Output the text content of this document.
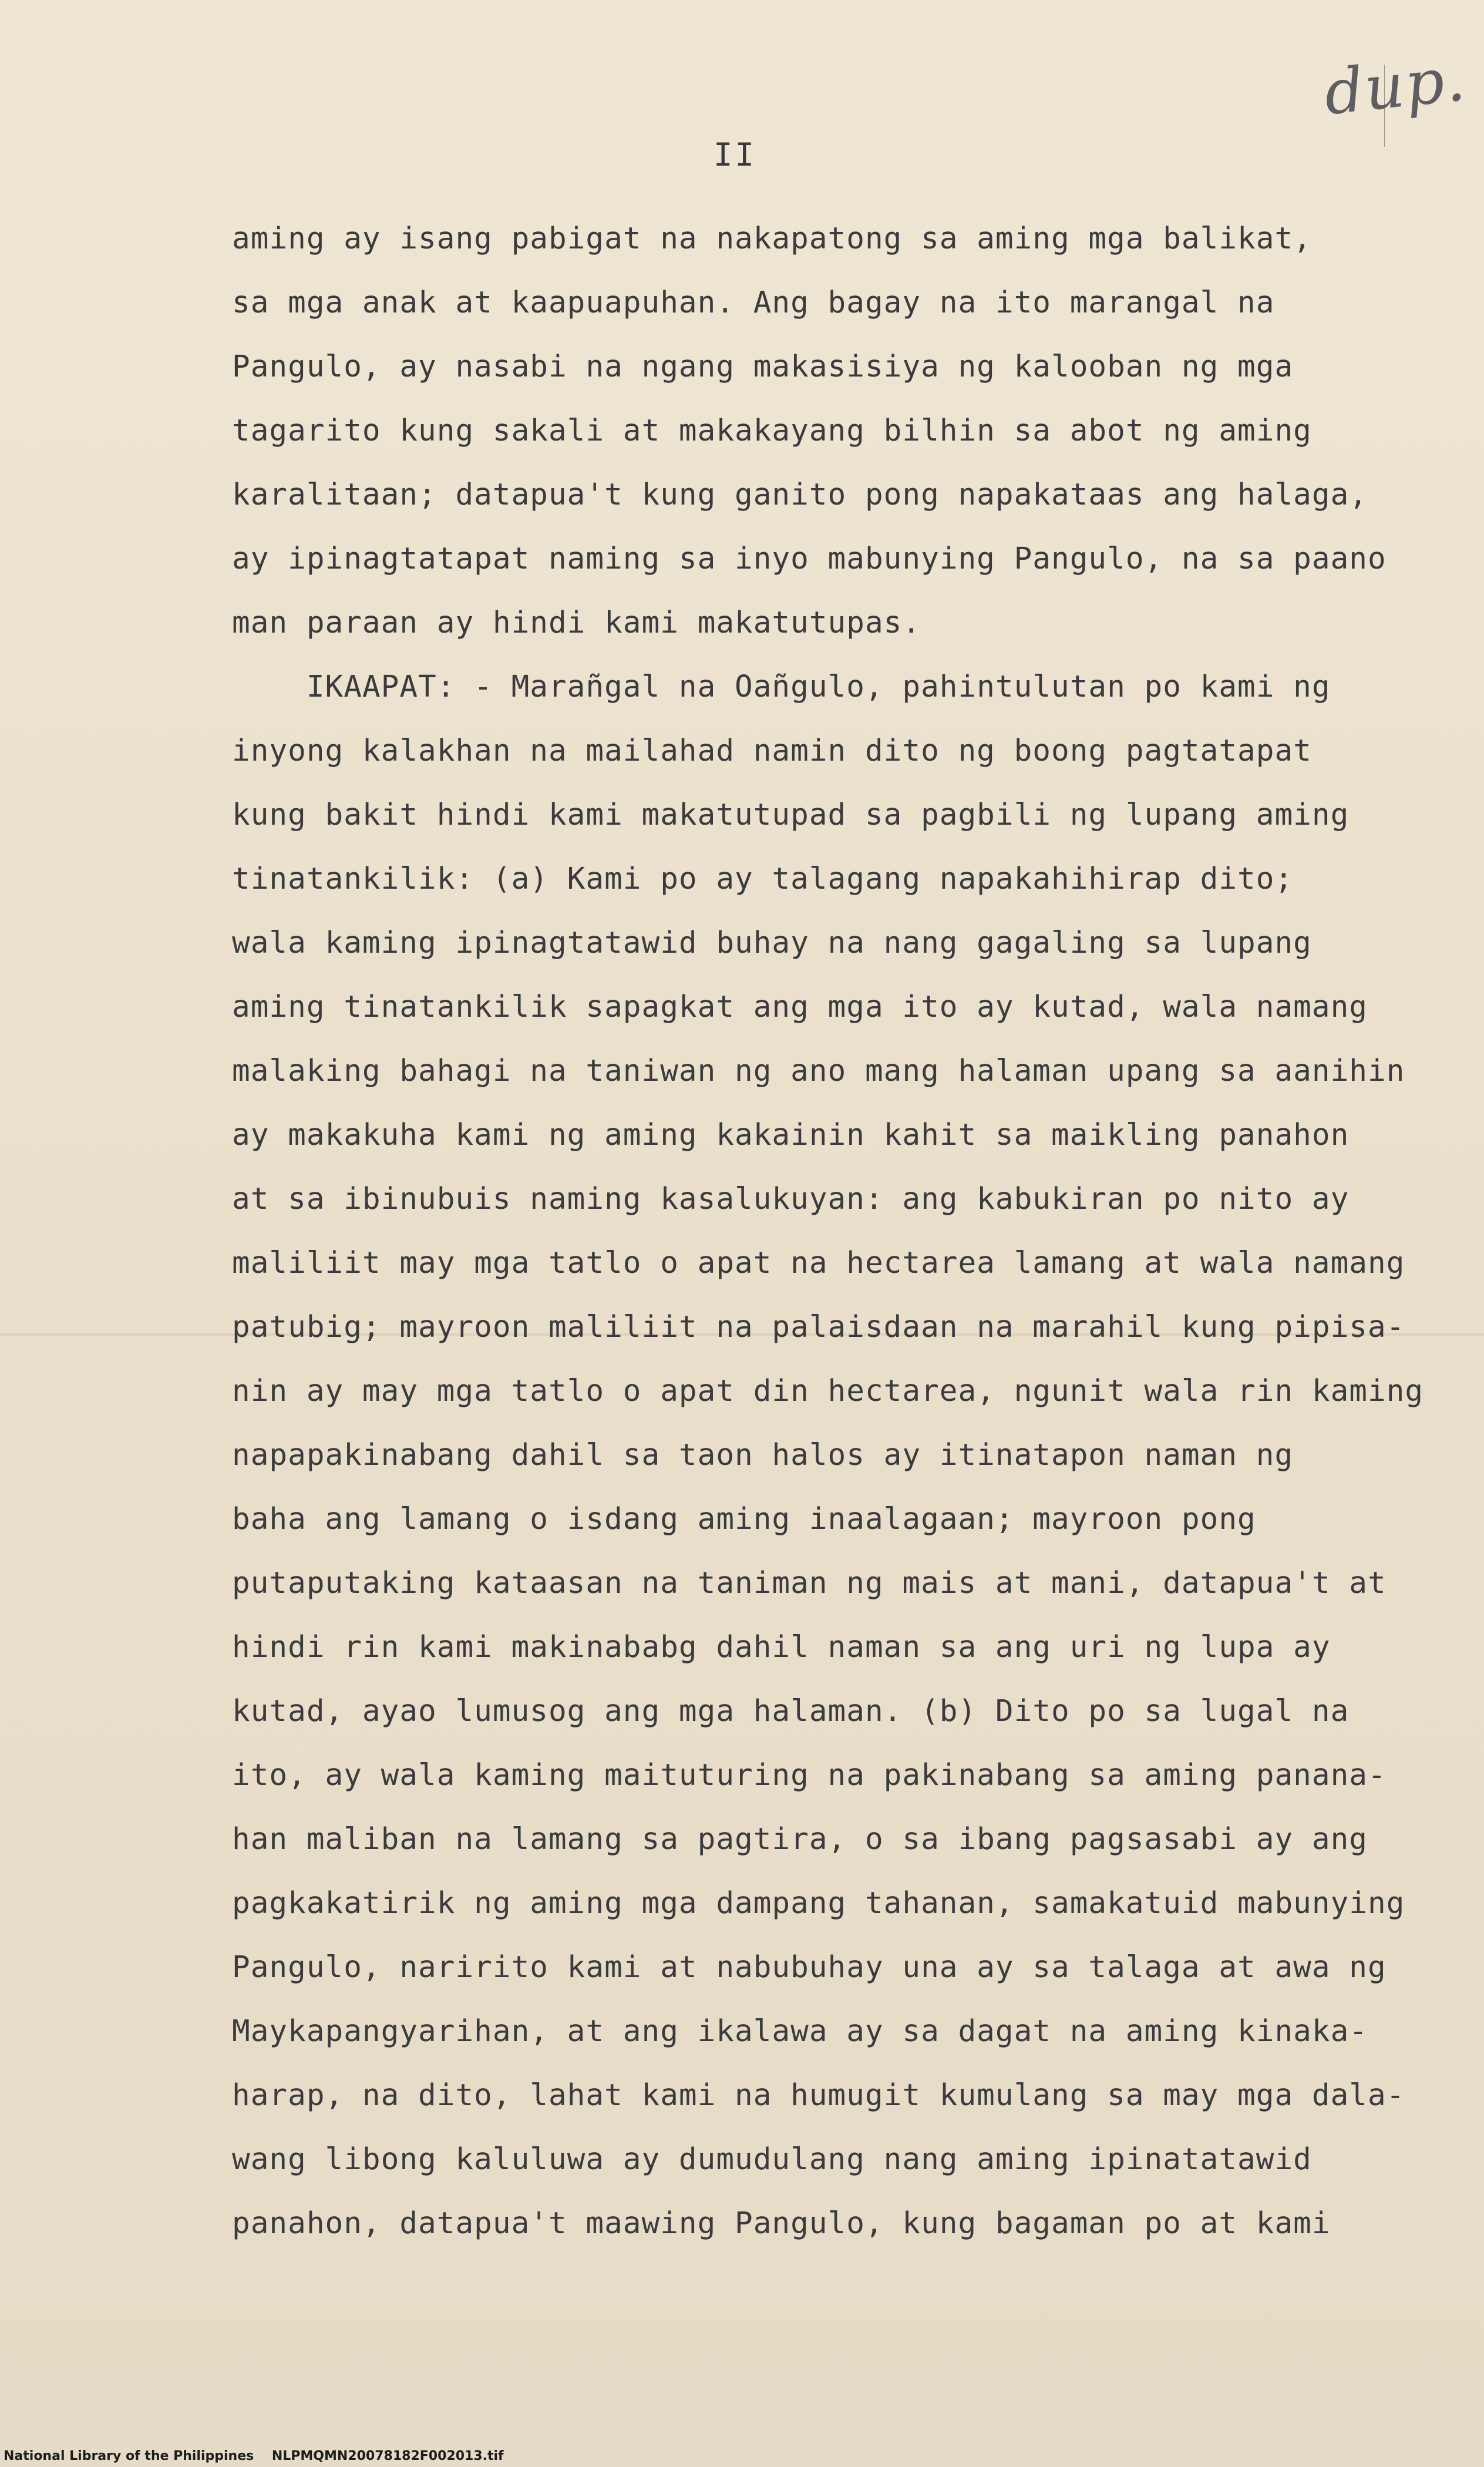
dup.
II
aming ay isang pabigat na nakapatong sa aming mga balikat,
sa mga anak at kaapuapuhan. Ang bagay na ito marangal na
Pangulo, ay nasabi na ngang makasisiya ng kalooban ng mga
tagarito kung sakali at makakayang bilhin sa abot ng aming
karalitaan; datapua't kung ganito pong napakataas ang halaga,
ay ipinagtatapat naming sa inyo mabunying Pangulo, na sa paano
man paraan ay hindi kami makatutupas.
IKAAPAT: - Marañgal na Oañgulo, pahintulutan po kami ng
inyong kalakhan na mailahad namin dito ng boong pagtatapat
kung bakit hindi kami makatutupad sa pagbili ng lupang aming
tinatankilik: (a) Kami po ay talagang napakahihirap dito;
wala kaming ipinagtatawid buhay na nang gagaling sa lupang
aming tinatankilik sapagkat ang mga ito ay kutad, wala namang
malaking bahagi na taniwan ng ano mang halaman upang sa aanihin
ay makakuha kami ng aming kakainin kahit sa maikling panahon
at sa ibinubuis naming kasalukuyan: ang kabukiran po nito ay
maliliit may mga tatlo o apat na hectarea lamang at wala namang
patubig; mayroon maliliit na palaisdaan na marahil kung pipisa-
nin ay may mga tatlo o apat din hectarea, ngunit wala rin kaming
napapakinabang dahil sa taon halos ay itinatapon naman ng
baha ang lamang o isdang aming inaalagaan; mayroon pong
putaputaking kataasan na taniman ng mais at mani, datapua't at
hindi rin kami makinababg dahil naman sa ang uri ng lupa ay
kutad, ayao lumusog ang mga halaman. (b) Dito po sa lugal na
ito, ay wala kaming maituturing na pakinabang sa aming panana-
han maliban na lamang sa pagtira, o sa ibang pagsasabi ay ang
pagkakatirik ng aming mga dampang tahanan, samakatuid mabunying
Pangulo, naririto kami at nabubuhay una ay sa talaga at awa ng
Maykapangyarihan, at ang ikalawa ay sa dagat na aming kinaka-
harap, na dito, lahat kami na humugit kumulang sa may mga dala-
wang libong kaluluwa ay dumudulang nang aming ipinatatawid
panahon, datapua't maawing Pangulo, kung bagaman po at kami
National Library of the Philippines    NLPMQMN20078182F002013.tif
